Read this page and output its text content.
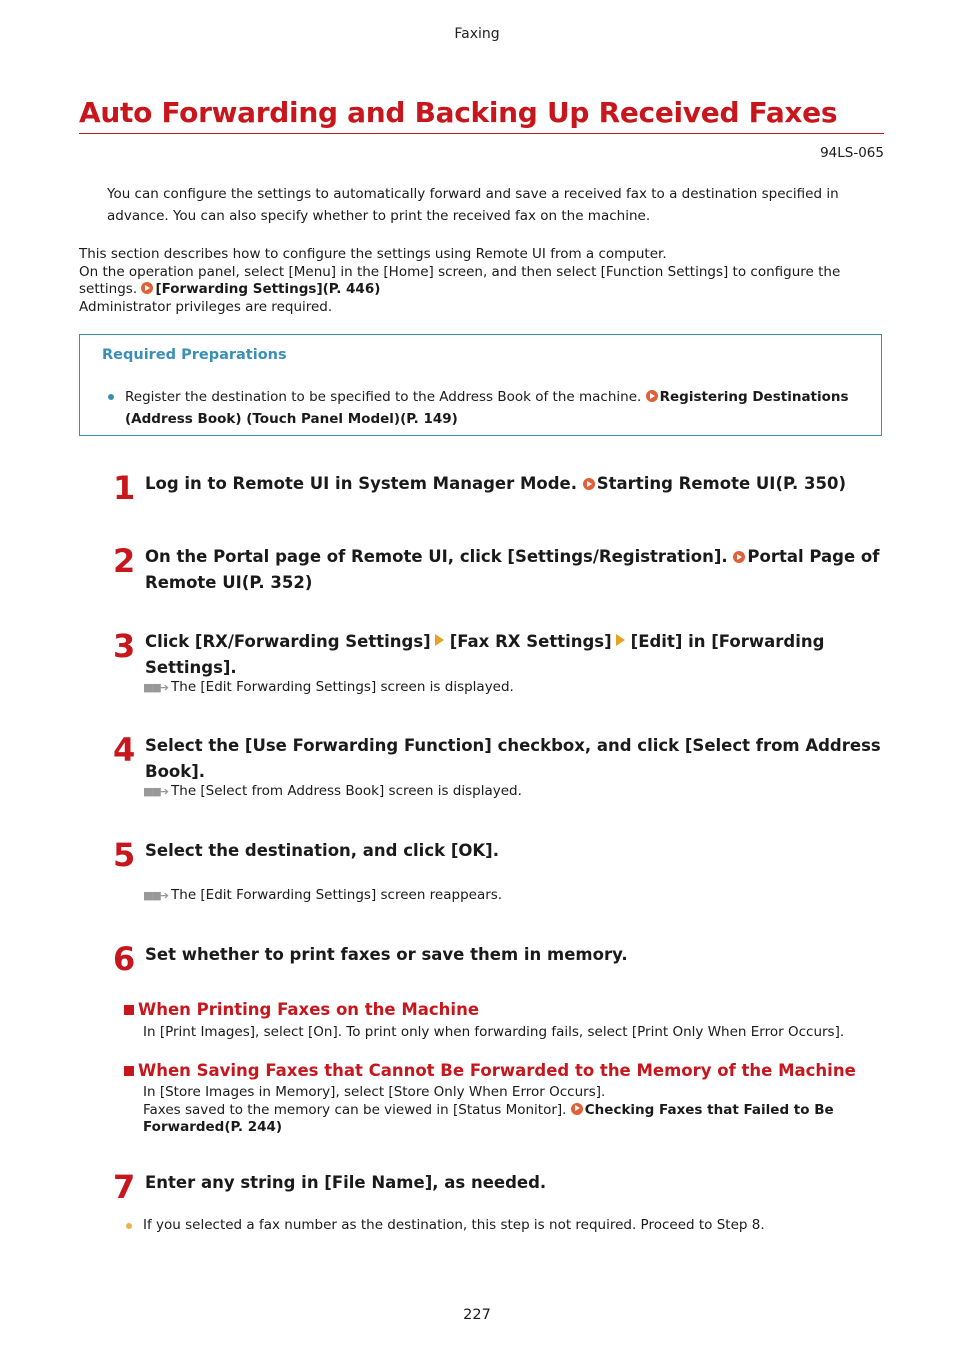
Faxing
Auto Forwarding and Backing Up Received Faxes
94LS-065
You can configure the settings to automatically forward and save a received fax to a destination specified in advance. You can also specify whether to print the received fax on the machine.
This section describes how to configure the settings using Remote UI from a computer.
On the operation panel, select [Menu] in the [Home] screen, and then select [Function Settings] to configure the settings. [Forwarding Settings](P. 446)
Administrator privileges are required.
Required Preparations
Register the destination to be specified to the Address Book of the machine. Registering Destinations (Address Book) (Touch Panel Model)(P. 149)
1 Log in to Remote UI in System Manager Mode. Starting Remote UI(P. 350)
2 On the Portal page of Remote UI, click [Settings/Registration]. Portal Page of Remote UI(P. 352)
3 Click [RX/Forwarding Settings] [Fax RX Settings] [Edit] in [Forwarding Settings].
■■➔ The [Edit Forwarding Settings] screen is displayed.
4 Select the [Use Forwarding Function] checkbox, and click [Select from Address Book].
■■➔ The [Select from Address Book] screen is displayed.
5 Select the destination, and click [OK].
■■➔ The [Edit Forwarding Settings] screen reappears.
6 Set whether to print faxes or save them in memory.
When Printing Faxes on the Machine
In [Print Images], select [On]. To print only when forwarding fails, select [Print Only When Error Occurs].
When Saving Faxes that Cannot Be Forwarded to the Memory of the Machine
In [Store Images in Memory], select [Store Only When Error Occurs].
Faxes saved to the memory can be viewed in [Status Monitor]. Checking Faxes that Failed to Be Forwarded(P. 244)
7 Enter any string in [File Name], as needed.
If you selected a fax number as the destination, this step is not required. Proceed to Step 8.
227
